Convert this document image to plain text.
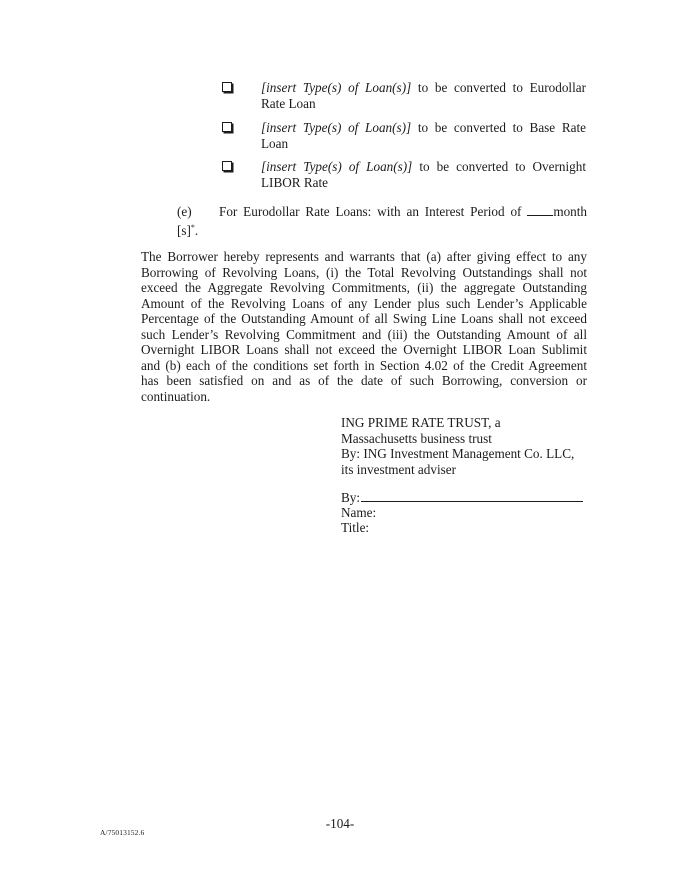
[insert Type(s) of Loan(s)] to be converted to Eurodollar
Rate Loan
[insert Type(s) of Loan(s)] to be converted to Base Rate
Loan
[insert Type(s) of Loan(s)] to be converted to Overnight
LIBOR Rate
(e) For Eurodollar Rate Loans: with an Interest Period of month
[s]*.
The Borrower hereby represents and warrants that (a) after giving effect to any
Borrowing of Revolving Loans, (i) the Total Revolving Outstandings shall not
exceed the Aggregate Revolving Commitments, (ii) the aggregate Outstanding
Amount of the Revolving Loans of any Lender plus such Lender’s Applicable
Percentage of the Outstanding Amount of all Swing Line Loans shall not exceed
such Lender’s Revolving Commitment and (iii) the Outstanding Amount of all
Overnight LIBOR Loans shall not exceed the Overnight LIBOR Loan Sublimit
and (b) each of the conditions set forth in Section 4.02 of the Credit Agreement
has been satisfied on and as of the date of such Borrowing, conversion or
continuation.
ING PRIME RATE TRUST, a
Massachusetts business trust
By: ING Investment Management Co. LLC,
its investment adviser
By:
Name:
Title:
-104-
A/75013152.6
